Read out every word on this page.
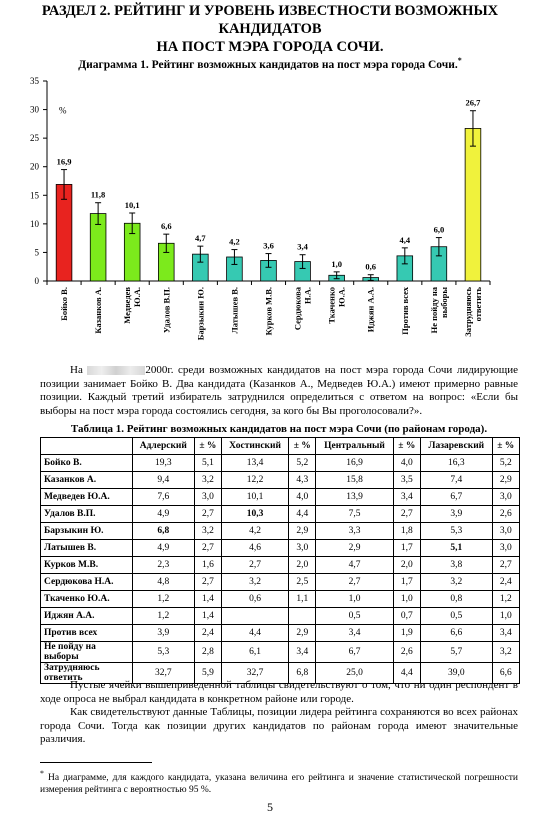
РАЗДЕЛ 2. РЕЙТИНГ И УРОВЕНЬ ИЗВЕСТНОСТИ ВОЗМОЖНЫХ КАНДИДАТОВ
НА ПОСТ МЭРА ГОРОДА СОЧИ.
Диаграмма 1. Рейтинг возможных кандидатов на пост мэра города Сочи.*
0
5
10
15
20
25
30
35
%
16,9
Бойко В.
11,8
Казанков А.
10,1
Медведев Ю.А.
6,6
Удалов В.П.
4,7
Барзыкин Ю.
4,2
Латышев В.
3,6
Курков М.В.
3,4
Сердюкова Н.А.
1,0
Ткаченко Ю.А.
0,6
Иджян А.А.
4,4
Против всех
6,0
Не пойду на выборы
26,7
Затрудняюсь ответить
На	2000г. среди возможных кандидатов на пост мэра города Сочи лидирующие позиции занимает Бойко В. Два кандидата (Казанков А., Медведев Ю.А.) имеют примерно равные позиции. Каждый третий избиратель затруднился определиться с ответом на вопрос: «Если бы выборы на пост мэра города состоялись сегодня, за кого бы Вы проголосовали?».
Таблица 1. Рейтинг возможных кандидатов на пост мэра Сочи (по районам города).
	Адлерский	± %	Хостинский	± %	Центральный	± %	Лазаревский	± %
Бойко В.	19,3	5,1	13,4	5,2	16,9	4,0	16,3	5,2
Казанков А.	9,4	3,2	12,2	4,3	15,8	3,5	7,4	2,9
Медведев Ю.А.	7,6	3,0	10,1	4,0	13,9	3,4	6,7	3,0
Удалов В.П.	4,9	2,7	10,3	4,4	7,5	2,7	3,9	2,6
Барзыкин Ю.	6,8	3,2	4,2	2,9	3,3	1,8	5,3	3,0
Латышев В.	4,9	2,7	4,6	3,0	2,9	1,7	5,1	3,0
Курков М.В.	2,3	1,6	2,7	2,0	4,7	2,0	3,8	2,7
Сердюкова Н.А.	4,8	2,7	3,2	2,5	2,7	1,7	3,2	2,4
Ткаченко Ю.А.	1,2	1,4	0,6	1,1	1,0	1,0	0,8	1,2
Иджян А.А.	1,2	1,4			0,5	0,7	0,5	1,0
Против всех	3,9	2,4	4,4	2,9	3,4	1,9	6,6	3,4
Не пойду на выборы	5,3	2,8	6,1	3,4	6,7	2,6	5,7	3,2
Затрудняюсь ответить	32,7	5,9	32,7	6,8	25,0	4,4	39,0	6,6
Пустые ячейки вышеприведенной таблицы свидетельствуют о том, что ни один респондент в ходе опроса не выбрал кандидата в конкретном районе или городе.
Как свидетельствуют данные Таблицы, позиции лидера рейтинга сохраняются во всех районах города Сочи. Тогда как позиции других кандидатов по районам города имеют значительные различия.
* На диаграмме, для каждого кандидата, указана величина его рейтинга и значение статистической погрешности измерения рейтинга с вероятностью 95 %.
5
